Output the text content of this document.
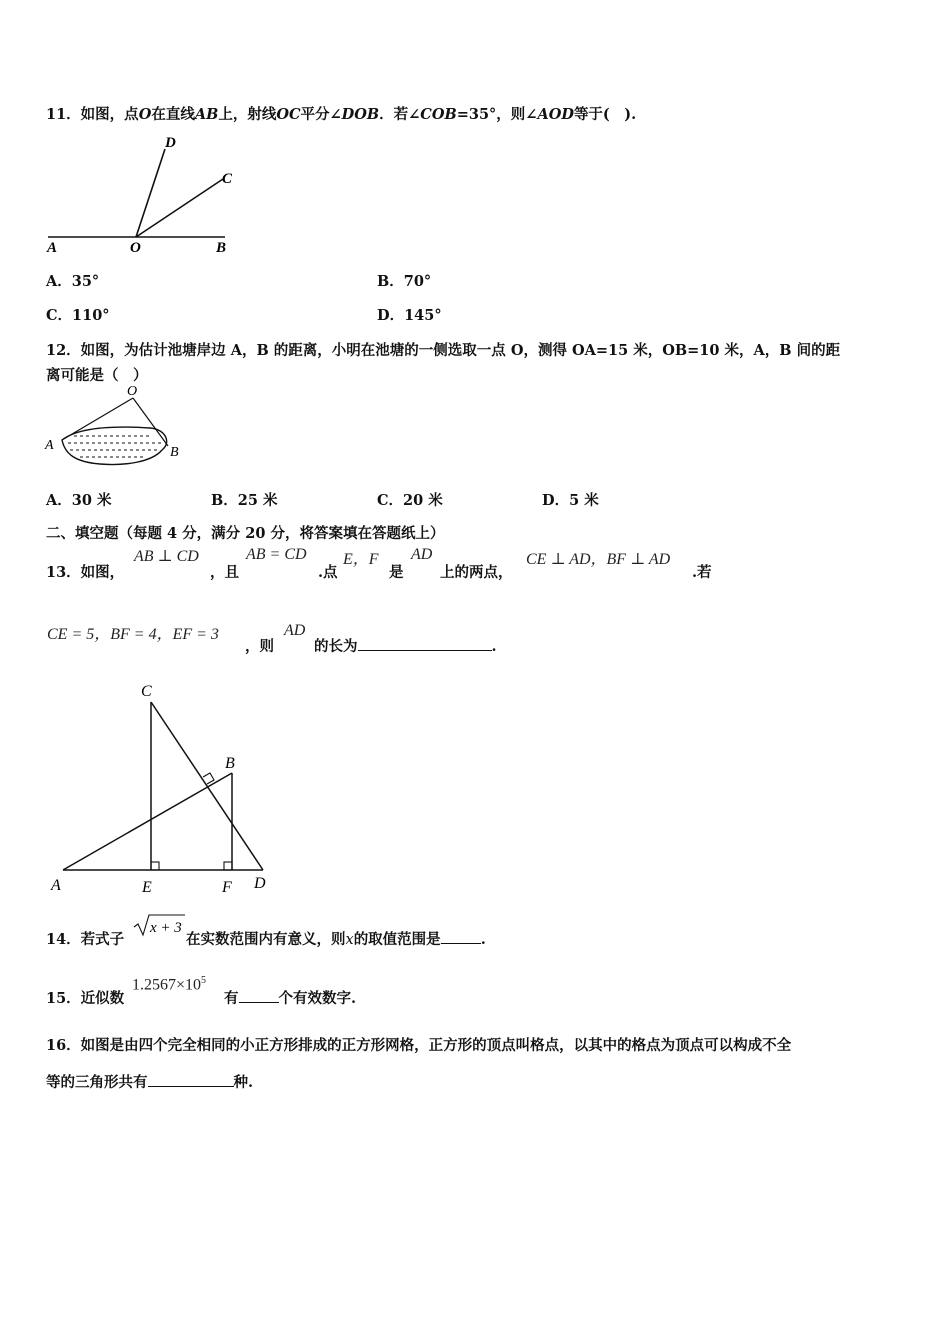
11．如图，点O在直线AB上，射线OC平分∠DOB．若∠COB=35°，则∠AOD等于(　).
D
C
A	O	B
A．35°	B．70°
C．110°	D．145°
12．如图，为估计池塘岸边 A，B 的距离，小明在池塘的一侧选取一点 O，测得 OA=15 米，OB=10 米，A，B 间的距
离可能是（　）
O
A	B
A．30 米	B．25 米	C．20 米	D．5 米
二、填空题（每题 4 分，满分 20 分，将答案填在答题纸上）
13．如图，
AB ⊥ CD
，且
AB = CD
.点
E，F
是
AD
上的两点，
CE ⊥ AD，BF ⊥ AD
.若
CE = 5，BF = 4，EF = 3
，则
AD
的长为	.
C
B
A	E	F D
14．若式子
x + 3
在实数范围内有意义，则x的取值范围是	.
15．近似数
$1.2567\times 10^5$
有	个有效数字.
16．如图是由四个完全相同的小正方形排成的正方形网格，正方形的顶点叫格点，以其中的格点为顶点可以构成不全
等的三角形共有	种.
